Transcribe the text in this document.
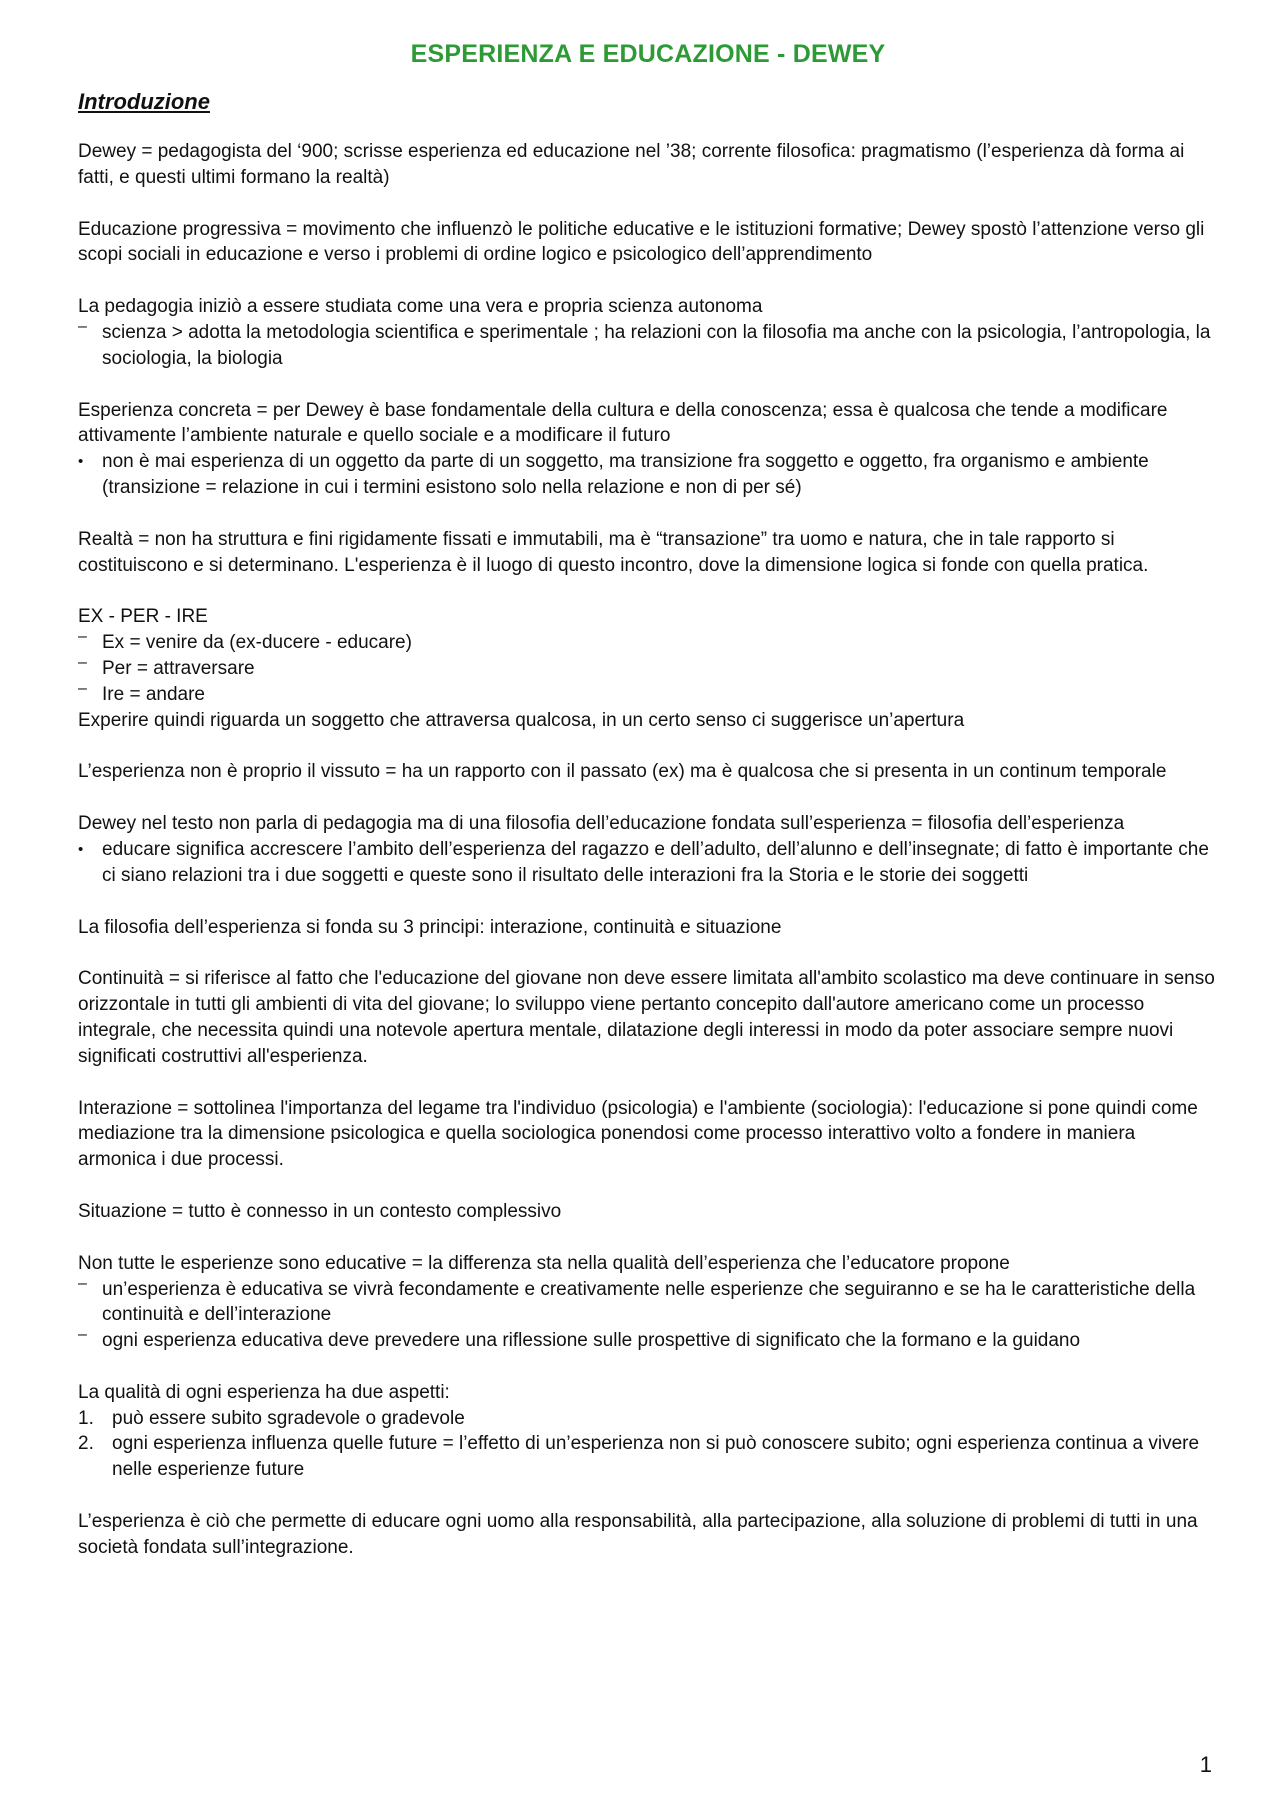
ESPERIENZA E EDUCAZIONE - DEWEY
Introduzione

Dewey = pedagogista del ‘900; scrisse esperienza ed educazione nel ’38; corrente filosofica: pragmatismo (l’esperienza dà forma ai fatti, e questi ultimi formano la realtà)

Educazione progressiva = movimento che influenzò le politiche educative e le istituzioni formative; Dewey spostò l’attenzione verso gli scopi sociali in educazione e verso i problemi di ordine logico e psicologico dell’apprendimento

La pedagogia iniziò a essere studiata come una vera e propria scienza autonoma

‒ scienza > adotta la metodologia scientifica e sperimentale ; ha relazioni con la filosofia ma anche con la psicologia, l’antropologia, la sociologia, la biologia

Esperienza concreta = per Dewey è base fondamentale della cultura e della conoscenza; essa è qualcosa che tende a modificare attivamente l’ambiente naturale e quello sociale e a modificare il futuro

• non è mai esperienza di un oggetto da parte di un soggetto, ma transizione fra soggetto e oggetto, fra organismo e ambiente (transizione = relazione in cui i termini esistono solo nella relazione e non di per sé)

Realtà = non ha struttura e fini rigidamente fissati e immutabili, ma è “transazione” tra uomo e natura, che in tale rapporto si costituiscono e si determinano. L'esperienza è il luogo di questo incontro, dove la dimensione logica si fonde con quella pratica.

EX - PER - IRE

‒ Ex = venire da (ex-ducere - educare)
‒ Per = attraversare
‒ Ire = andare

Experire quindi riguarda un soggetto che attraversa qualcosa, in un certo senso ci suggerisce un’apertura

L’esperienza non è proprio il vissuto = ha un rapporto con il passato (ex) ma è qualcosa che si presenta in un continum temporale

Dewey nel testo non parla di pedagogia ma di una filosofia dell’educazione fondata sull’esperienza = filosofia dell’esperienza

• educare significa accrescere l’ambito dell’esperienza del ragazzo e dell’adulto, dell’alunno e dell’insegnate; di fatto è importante che ci siano relazioni tra i due soggetti e queste sono il risultato delle interazioni fra la Storia e le storie dei soggetti

La filosofia dell’esperienza si fonda su 3 principi: interazione, continuità e situazione

Continuità = si riferisce al fatto che l'educazione del giovane non deve essere limitata all'ambito scolastico ma deve continuare in senso orizzontale in tutti gli ambienti di vita del giovane; lo sviluppo viene pertanto concepito dall'autore americano come un processo integrale, che necessita quindi una notevole apertura mentale, dilatazione degli interessi in modo da poter associare sempre nuovi significati costruttivi all'esperienza.

Interazione = sottolinea l'importanza del legame tra l'individuo (psicologia) e l'ambiente (sociologia): l'educazione si pone quindi come mediazione tra la dimensione psicologica e quella sociologica ponendosi come processo interattivo volto a fondere in maniera armonica i due processi.

Situazione = tutto è connesso in un contesto complessivo

Non tutte le esperienze sono educative = la differenza sta nella qualità dell’esperienza che l’educatore propone

‒ un’esperienza è educativa se vivrà fecondamente e creativamente nelle esperienze che seguiranno e se ha le caratteristiche della continuità e dell’interazione
‒ ogni esperienza educativa deve prevedere una riflessione sulle prospettive di significato che la formano e la guidano

La qualità di ogni esperienza ha due aspetti:

1. può essere subito sgradevole o gradevole
2. ogni esperienza influenza quelle future = l’effetto di un’esperienza non si può conoscere subito; ogni esperienza continua a vivere nelle esperienze future

L’esperienza è ciò che permette di educare ogni uomo alla responsabilità, alla partecipazione, alla soluzione di problemi di tutti in una società fondata sull’integrazione.

1
